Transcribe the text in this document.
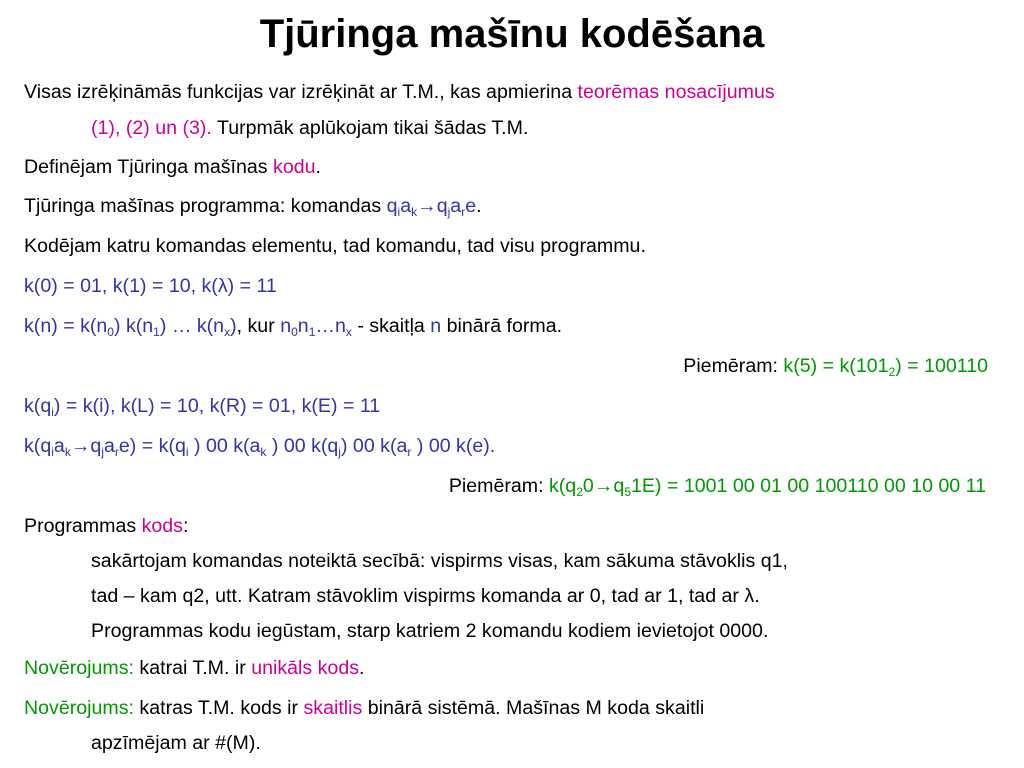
Tjūringa mašīnu kodēšana
Visas izrēķināmās funkcijas var izrēķināt ar T.M., kas apmierina teorēmas nosacījumus
(1), (2) un (3). Turpmāk aplūkojam tikai šādas T.M.
Definējam Tjūringa mašīnas kodu.
Tjūringa mašīnas programma: komandas $q_ia_k\to q_ja_re$.
Kodējam katru komandas elementu, tad komandu, tad visu programmu.
k(0) = 01, k(1) = 10, k(λ) = 11
$k(n) = k(n_0)$ $k(n_1)$ … $k(n_x)$, kur $n_0n_1\dots n_x$ - skaitļa n binārā forma.
Piemēram: $k(5) = k(101_2) = 100110$
$k(q_i) = k(i)$, k(L) = 10, k(R) = 01, k(E) = 11
$k(q_ia_k\to q_ja_re) = k(q_i$ ) 00 $k(a_k$ ) 00 $k(q_j)$ 00 $k(a_r$ ) 00 k(e).
Piemēram: $k(q_20\to q_51E) = 1001$ 00 01 00 100110 00 10 00 11
Programmas kods:
sakārtojam komandas noteiktā secībā: vispirms visas, kam sākuma stāvoklis q1,
tad – kam q2, utt. Katram stāvoklim vispirms komanda ar 0, tad ar 1, tad ar λ.
Programmas kodu iegūstam, starp katriem 2 komandu kodiem ievietojot 0000.
Novērojums: katrai T.M. ir unikāls kods.
Novērojums: katras T.M. kods ir skaitlis binārā sistēmā. Mašīnas M koda skaitli
apzīmējam ar #(M).
